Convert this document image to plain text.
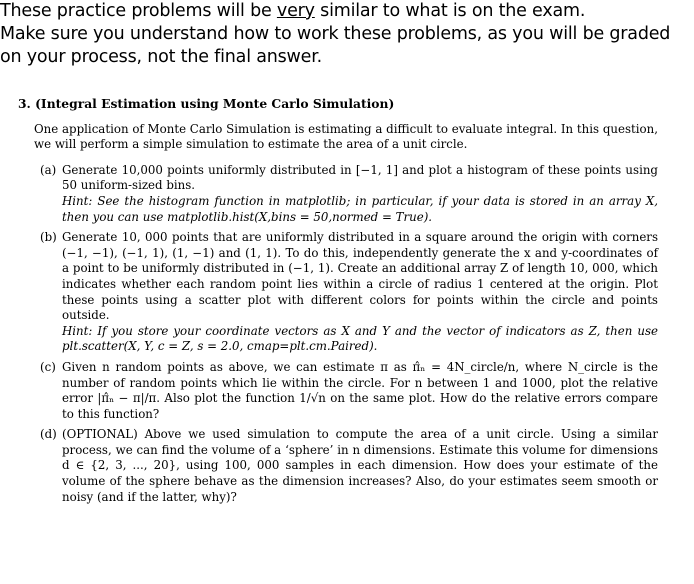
These practice problems will be very similar to what is on the exam.
Make sure you understand how to work these problems, as you will be graded
on your process, not the final answer.
3. (Integral Estimation using Monte Carlo Simulation)
One application of Monte Carlo Simulation is estimating a difficult to evaluate integral. In this question, we will perform a simple simulation to estimate the area of a unit circle.
(a) Generate 10,000 points uniformly distributed in [−1, 1] and plot a histogram of these points using 50 uniform-sized bins.
Hint: See the histogram function in matplotlib; in particular, if your data is stored in an array X, then you can use matplotlib.hist(X,bins = 50,normed = True).
(b) Generate 10, 000 points that are uniformly distributed in a square around the origin with corners (−1, −1), (−1, 1), (1, −1) and (1, 1). To do this, independently generate the x and y-coordinates of a point to be uniformly distributed in (−1, 1). Create an additional array Z of length 10, 000, which indicates whether each random point lies within a circle of radius 1 centered at the origin. Plot these points using a scatter plot with different colors for points within the circle and points outside.
Hint: If you store your coordinate vectors as X and Y and the vector of indicators as Z, then use plt.scatter(X, Y, c = Z, s = 2.0, cmap=plt.cm.Paired).
(c) Given n random points as above, we can estimate π as π̂ₙ = 4N_circle/n, where N_circle is the number of random points which lie within the circle. For n between 1 and 1000, plot the relative error |π̂ₙ − π|/π. Also plot the function 1/√n on the same plot. How do the relative errors compare to this function?
(d) (OPTIONAL) Above we used simulation to compute the area of a unit circle. Using a similar process, we can find the volume of a ‘sphere’ in n dimensions. Estimate this volume for dimensions d ∈ {2, 3, ..., 20}, using 100, 000 samples in each dimension. How does your estimate of the volume of the sphere behave as the dimension increases? Also, do your estimates seem smooth or noisy (and if the latter, why)?
